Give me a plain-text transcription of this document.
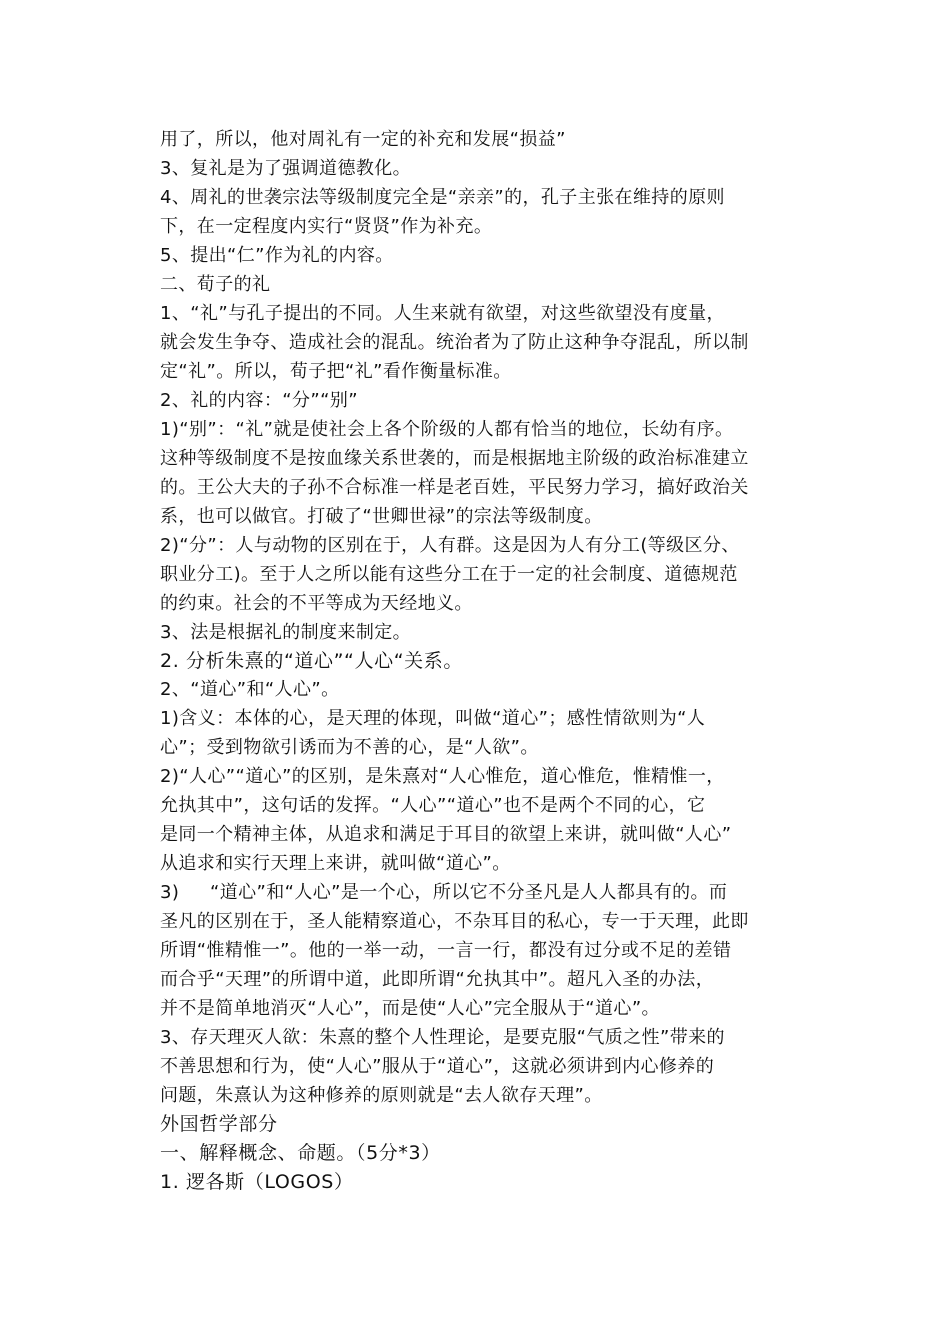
用了，所以，他对周礼有一定的补充和发展“损益”
3、复礼是为了强调道德教化。
4、周礼的世袭宗法等级制度完全是“亲亲”的，孔子主张在维持的原则
下，在一定程度内实行“贤贤”作为补充。
5、提出“仁”作为礼的内容。
二、荀子的礼
1、“礼”与孔子提出的不同。人生来就有欲望，对这些欲望没有度量，
就会发生争夺、造成社会的混乱。统治者为了防止这种争夺混乱，所以制
定“礼”。所以，荀子把“礼”看作衡量标准。
2、礼的内容：“分”“别”
1)“别”：“礼”就是使社会上各个阶级的人都有恰当的地位，长幼有序。
这种等级制度不是按血缘关系世袭的，而是根据地主阶级的政治标准建立
的。王公大夫的子孙不合标准一样是老百姓，平民努力学习，搞好政治关
系，也可以做官。打破了“世卿世禄”的宗法等级制度。
2)“分”：人与动物的区别在于，人有群。这是因为人有分工(等级区分、
职业分工)。至于人之所以能有这些分工在于一定的社会制度、道德规范
的约束。社会的不平等成为天经地义。
3、法是根据礼的制度来制定。
2. 分析朱熹的“道心”“人心“关系。
2、“道心”和“人心”。
1)含义：本体的心，是天理的体现，叫做“道心”；感性情欲则为“人
心”；受到物欲引诱而为不善的心，是“人欲”。
2)“人心”“道心”的区别，是朱熹对“人心惟危，道心惟危，惟精惟一，
允执其中”，这句话的发挥。“人心”“道心”也不是两个不同的心，它
是同一个精神主体，从追求和满足于耳目的欲望上来讲，就叫做“人心”
从追求和实行天理上来讲，就叫做“道心”。
3) “道心”和“人心”是一个心，所以它不分圣凡是人人都具有的。而
圣凡的区别在于，圣人能精察道心，不杂耳目的私心，专一于天理，此即
所谓“惟精惟一”。他的一举一动，一言一行，都没有过分或不足的差错
而合乎“天理”的所谓中道，此即所谓“允执其中”。超凡入圣的办法，
并不是简单地消灭“人心”，而是使“人心”完全服从于“道心”。
3、存天理灭人欲：朱熹的整个人性理论，是要克服“气质之性”带来的
不善思想和行为，使“人心”服从于“道心”，这就必须讲到内心修养的
问题，朱熹认为这种修养的原则就是“去人欲存天理”。
外国哲学部分
一、解释概念、命题。（5分*3）
1. 逻各斯（LOGOS）
